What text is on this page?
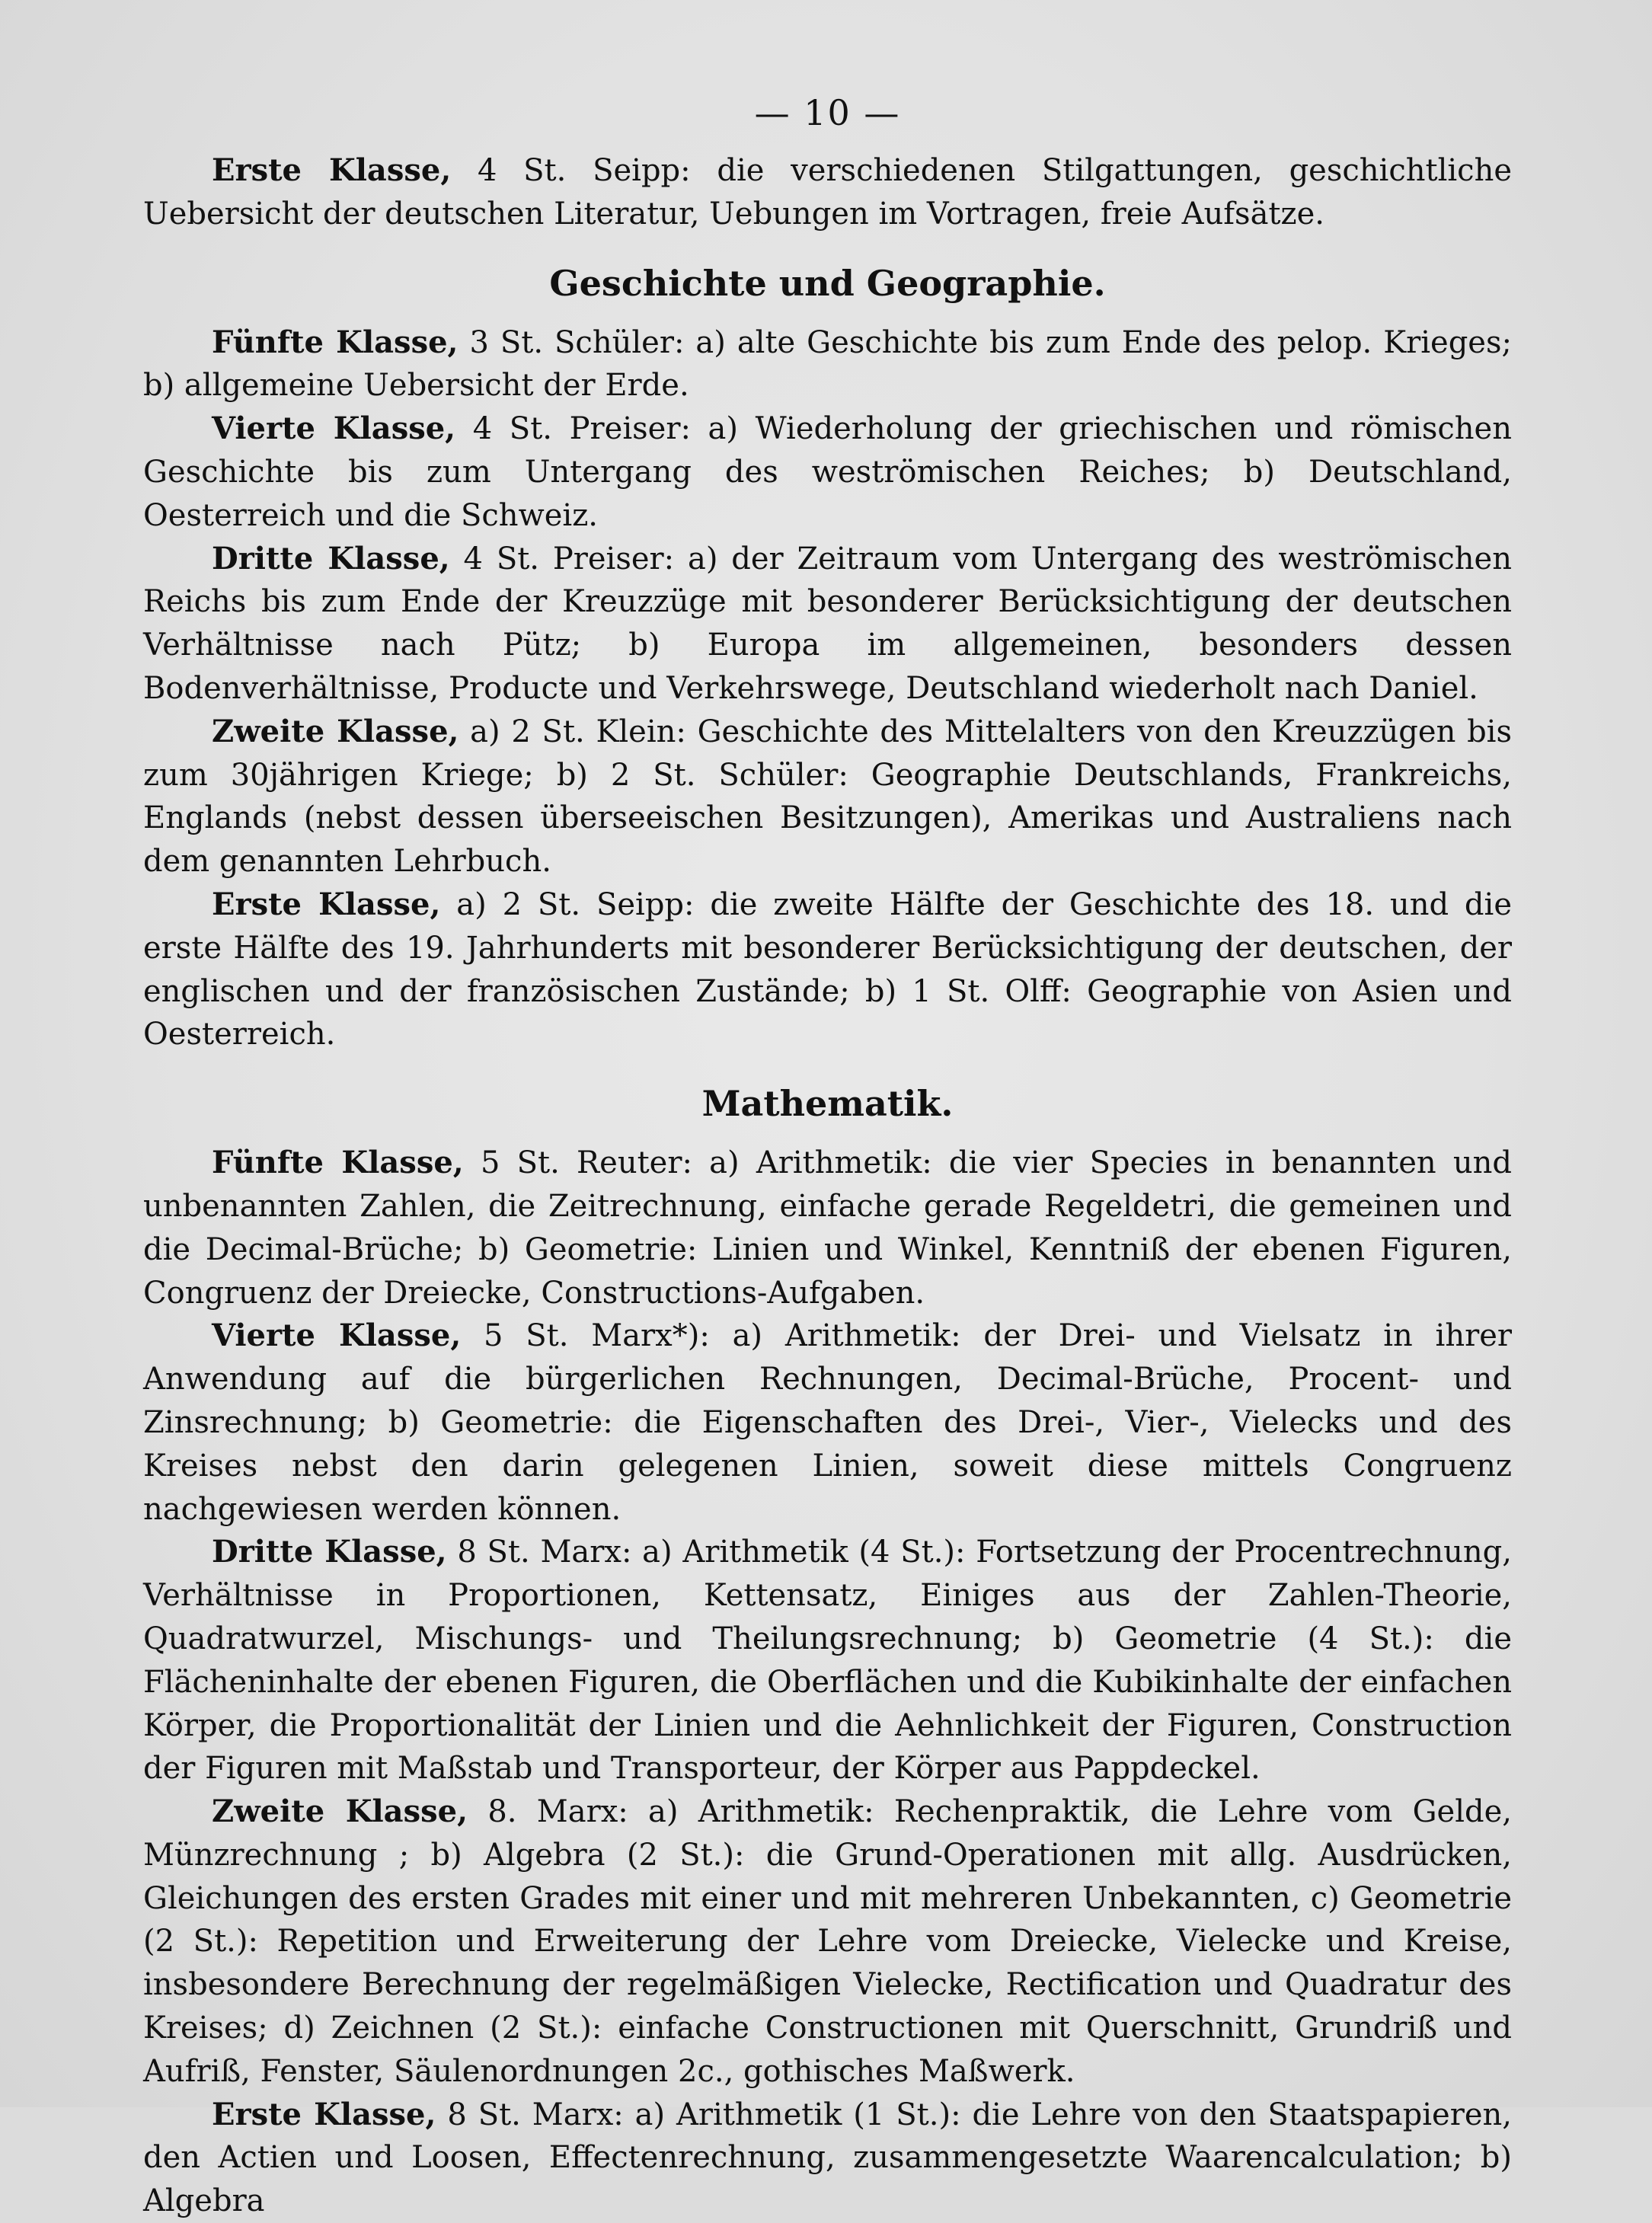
— 10 —

Erste Klasse, 4 St. Seipp: die verschiedenen Stilgattungen, geschichtliche Uebersicht der deutschen Literatur, Uebungen im Vortragen, freie Aufsätze.

Geschichte und Geographie.

Fünfte Klasse, 3 St. Schüler: a) alte Geschichte bis zum Ende des pelop. Krieges; b) allgemeine Uebersicht der Erde.

Vierte Klasse, 4 St. Preiser: a) Wiederholung der griechischen und römischen Geschichte bis zum Untergang des weströmischen Reiches; b) Deutschland, Oesterreich und die Schweiz.

Dritte Klasse, 4 St. Preiser: a) der Zeitraum vom Untergang des weströmischen Reichs bis zum Ende der Kreuzzüge mit besonderer Berücksichtigung der deutschen Verhältnisse nach Pütz; b) Europa im allgemeinen, besonders dessen Bodenverhältnisse, Producte und Verkehrswege, Deutschland wiederholt nach Daniel.

Zweite Klasse, a) 2 St. Klein: Geschichte des Mittelalters von den Kreuzzügen bis zum 30jährigen Kriege; b) 2 St. Schüler: Geographie Deutschlands, Frankreichs, Englands (nebst dessen überseeischen Besitzungen), Amerikas und Australiens nach dem genannten Lehrbuch.

Erste Klasse, a) 2 St. Seipp: die zweite Hälfte der Geschichte des 18. und die erste Hälfte des 19. Jahrhunderts mit besonderer Berücksichtigung der deutschen, der englischen und der französischen Zustände; b) 1 St. Olff: Geographie von Asien und Oesterreich.

Mathematik.

Fünfte Klasse, 5 St. Reuter: a) Arithmetik: die vier Species in benannten und unbenannten Zahlen, die Zeitrechnung, einfache gerade Regeldetri, die gemeinen und die Decimal-Brüche; b) Geometrie: Linien und Winkel, Kenntniß der ebenen Figuren, Congruenz der Dreiecke, Constructions-Aufgaben.

Vierte Klasse, 5 St. Marx*): a) Arithmetik: der Drei- und Vielsatz in ihrer Anwendung auf die bürgerlichen Rechnungen, Decimal-Brüche, Procent- und Zinsrechnung; b) Geometrie: die Eigenschaften des Drei-, Vier-, Vielecks und des Kreises nebst den darin gelegenen Linien, soweit diese mittels Congruenz nachgewiesen werden können.

Dritte Klasse, 8 St. Marx: a) Arithmetik (4 St.): Fortsetzung der Procentrechnung, Verhältnisse in Proportionen, Kettensatz, Einiges aus der Zahlen-Theorie, Quadratwurzel, Mischungs- und Theilungsrechnung; b) Geometrie (4 St.): die Flächeninhalte der ebenen Figuren, die Oberflächen und die Kubikinhalte der einfachen Körper, die Proportionalität der Linien und die Aehnlichkeit der Figuren, Construction der Figuren mit Maßstab und Transporteur, der Körper aus Pappdeckel.

Zweite Klasse, 8. Marx: a) Arithmetik: Rechenpraktik, die Lehre vom Gelde, Münzrechnung ; b) Algebra (2 St.): die Grund-Operationen mit allg. Ausdrücken, Gleichungen des ersten Grades mit einer und mit mehreren Unbekannten, c) Geometrie (2 St.): Repetition und Erweiterung der Lehre vom Dreiecke, Vielecke und Kreise, insbesondere Berechnung der regelmäßigen Vielecke, Rectification und Quadratur des Kreises; d) Zeichnen (2 St.): einfache Constructionen mit Querschnitt, Grundriß und Aufriß, Fenster, Säulenordnungen 2c., gothisches Maßwerk.

Erste Klasse, 8 St. Marx: a) Arithmetik (1 St.): die Lehre von den Staatspapieren, den Actien und Loosen, Effectenrechnung, zusammengesetzte Waarencalculation; b) Algebra
